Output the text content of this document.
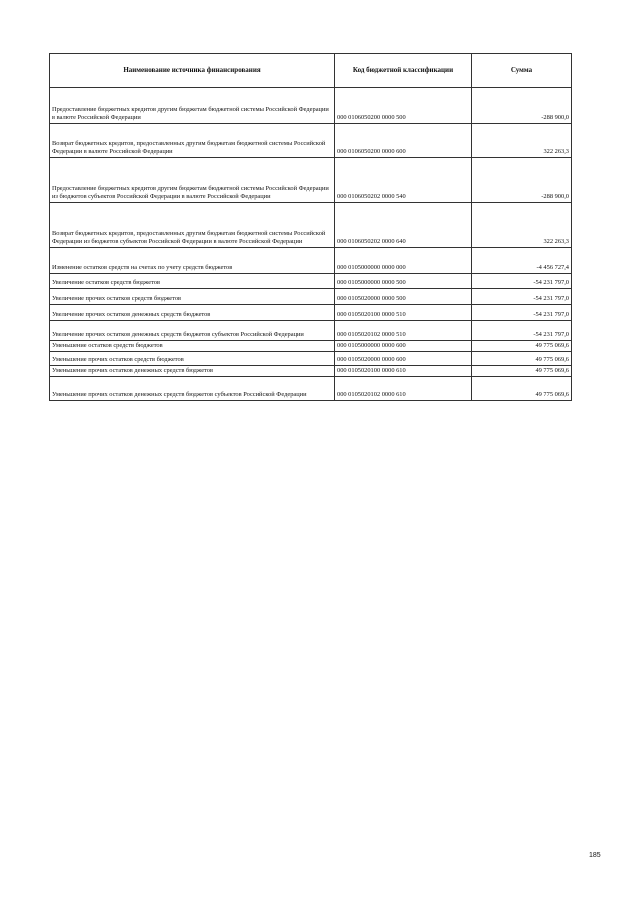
Наименование источника финансирования	Код бюджетной классификации	Сумма
Предоставление бюджетных кредитов другим бюджетам бюджетной системы Российской Федерации в валюте Российской Федерации	000 0106050200 0000 500	-288 900,0
Возврат бюджетных кредитов, предоставленных другим бюджетам бюджетной системы Российской Федерации в валюте Российской Федерации	000 0106050200 0000 600	322 263,3
Предоставление бюджетных кредитов другим бюджетам бюджетной системы Российской Федерации из бюджетов субъектов Российской Федерации в валюте Российской Федерации	000 0106050202 0000 540	-288 900,0
Возврат бюджетных кредитов, предоставленных другим бюджетам бюджетной системы Российской Федерации из бюджетов субъектов Российской Федерации в валюте Российской Федерации	000 0106050202 0000 640	322 263,3
Изменение остатков средств на счетах по учету средств бюджетов	000 0105000000 0000 000	-4 456 727,4
Увеличение остатков средств бюджетов	000 0105000000 0000 500	-54 231 797,0
Увеличение прочих остатков средств бюджетов	000 0105020000 0000 500	-54 231 797,0
Увеличение прочих остатков денежных средств бюджетов	000 0105020100 0000 510	-54 231 797,0
Увеличение прочих остатков денежных средств бюджетов субъектов Российской Федерации	000 0105020102 0000 510	-54 231 797,0
Уменьшение остатков средств бюджетов	000 0105000000 0000 600	49 775 069,6
Уменьшение прочих остатков средств бюджетов	000 0105020000 0000 600	49 775 069,6
Уменьшение прочих остатков денежных средств бюджетов	000 0105020100 0000 610	49 775 069,6
Уменьшение прочих остатков денежных средств бюджетов субъектов Российской Федерации	000 0105020102 0000 610	49 775 069,6
185
